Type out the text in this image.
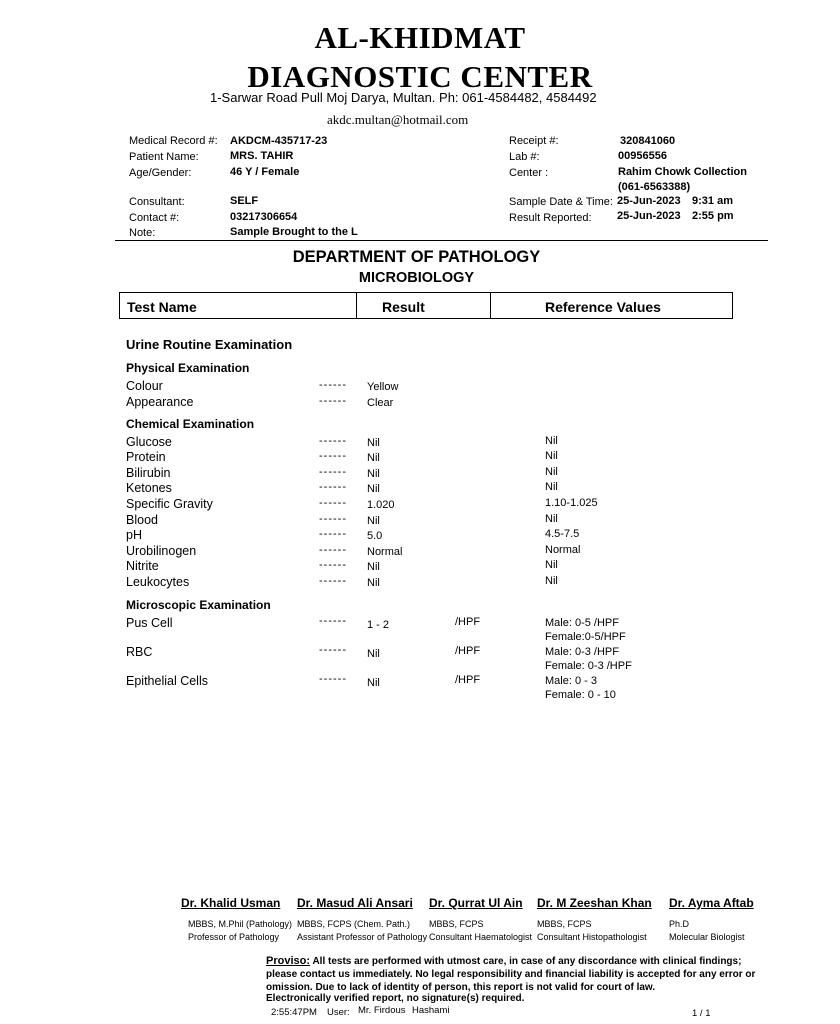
AL-KHIDMAT
DIAGNOSTIC CENTER
1-Sarwar Road Pull Moj Darya, Multan. Ph: 061-4584482, 4584492
akdc.multan@hotmail.com
Medical Record #: AKDCM-435717-23
Patient Name:	MRS. TAHIR
Age/Gender:	46 Y / Female
Consultant:	SELF
Contact #:	03217306654
Note:	Sample Brought to the L
Receipt #:	320841060
Lab #:	00956556
Center :	Rahim Chowk Collection
(061-6563388)
Sample Date & Time: 25-Jun-2023 9:31 am
Result Reported: 25-Jun-2023 2:55 pm
DEPARTMENT OF PATHOLOGY
MICROBIOLOGY
Test Name	Result	Reference Values
Urine Routine Examination
Physical Examination
Colour	------ Yellow
Appearance	------ Clear
Chemical Examination
Glucose	------ Nil	Nil
Protein	------ Nil	Nil
Bilirubin	------ Nil	Nil
Ketones	------ Nil	Nil
Specific Gravity	------ 1.020	1.10-1.025
Blood	------ Nil	Nil
pH	------ 5.0	4.5-7.5
Urobilinogen	------ Normal	Normal
Nitrite	------ Nil	Nil
Leukocytes	------ Nil	Nil
Microscopic Examination
Pus Cell	------ 1 - 2	/HPF	Male: 0-5 /HPF
Female:0-5/HPF
RBC	------ Nil	/HPF	Male: 0-3 /HPF
Female: 0-3 /HPF
Epithelial Cells	------ Nil	/HPF	Male: 0 - 3
Female: 0 - 10
Dr. Khalid Usman
MBBS, M.Phil (Pathology)
Professor of Pathology
Dr. Masud Ali Ansari
MBBS, FCPS (Chem. Path.)
Assistant Professor of Pathology
Dr. Qurrat Ul Ain
MBBS, FCPS
Consultant Haematologist
Dr. M Zeeshan Khan
MBBS, FCPS
Consultant Histopathologist
Dr. Ayma Aftab
Ph.D
Molecular Biologist
Proviso: All tests are performed with utmost care, in case of any discordance with clinical findings; please contact us immediately. No legal responsibility and financial liability is accepted for any error or omission. Due to lack of identity of person, this report is not valid for court of law.
Electronically verified report, no signature(s) required.
2:55:47PM User: Mr. Firdous Hashami	1 / 1
